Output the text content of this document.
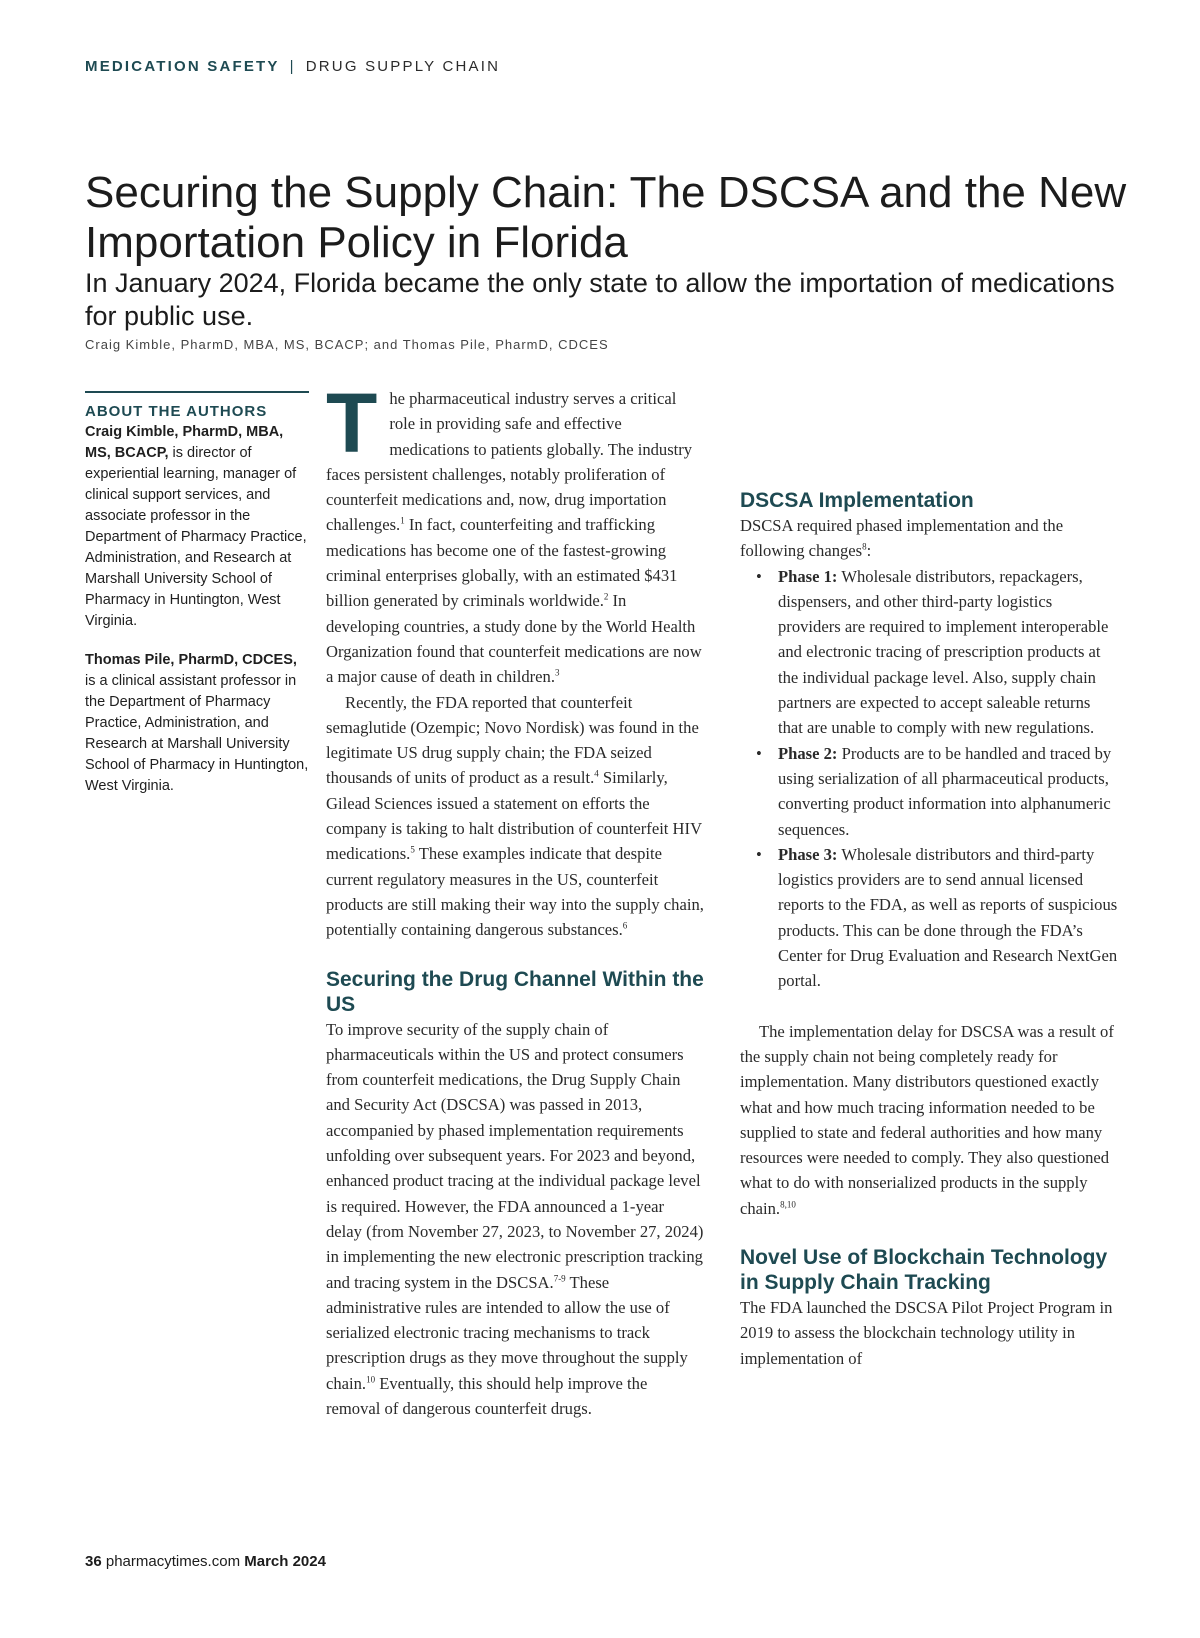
MEDICATION SAFETY | DRUG SUPPLY CHAIN
Securing the Supply Chain: The DSCSA and the New Importation Policy in Florida
In January 2024, Florida became the only state to allow the importation of medications for public use.
Craig Kimble, PharmD, MBA, MS, BCACP; and Thomas Pile, PharmD, CDCES
ABOUT THE AUTHORS

Craig Kimble, PharmD, MBA, MS, BCACP, is director of experiential learning, manager of clinical support services, and associate professor in the Department of Pharmacy Practice, Administration, and Research at Marshall University School of Pharmacy in Huntington, West Virginia.

Thomas Pile, PharmD, CDCES, is a clinical assistant professor in the Department of Pharmacy Practice, Administration, and Research at Marshall University School of Pharmacy in Huntington, West Virginia.

The pharmaceutical industry serves a critical role in providing safe and effective medications to patients globally. The industry faces persistent challenges, notably proliferation of counterfeit medications and, now, drug importation challenges.$^1$ In fact, counterfeiting and trafficking medications has become one of the fastest-growing criminal enterprises globally, with an estimated $431 billion generated by criminals worldwide.$^2$ In developing countries, a study done by the World Health Organization found that counterfeit medications are now a major cause of death in children.$^3$

Recently, the FDA reported that counterfeit semaglutide (Ozempic; Novo Nordisk) was found in the legitimate US drug supply chain; the FDA seized thousands of units of product as a result.$^4$ Similarly, Gilead Sciences issued a statement on efforts the company is taking to halt distribution of counterfeit HIV medications.$^5$ These examples indicate that despite current regulatory measures in the US, counterfeit products are still making their way into the supply chain, potentially containing dangerous substances.$^6$

Securing the Drug Channel Within the US

To improve security of the supply chain of pharmaceuticals within the US and protect consumers from counterfeit medications, the Drug Supply Chain and Security Act (DSCSA) was passed in 2013, accompanied by phased implementation requirements unfolding over subsequent years. For 2023 and beyond, enhanced product tracing at the individual package level is required. However, the FDA announced a 1-year delay (from November 27, 2023, to November 27, 2024) in implementing the new electronic prescription tracking and tracing system in the DSCSA.$^{7-9}$ These administrative rules are intended to allow the use of serialized electronic tracing mechanisms to track prescription drugs as they move throughout the supply chain.$^{10}$ Eventually, this should help improve the removal of dangerous counterfeit drugs.

DSCSA Implementation

DSCSA required phased implementation and the following changes$^8$:

• Phase 1: Wholesale distributors, repackagers, dispensers, and other third-party logistics providers are required to implement interoperable and electronic tracing of prescription products at the individual package level. Also, supply chain partners are expected to accept saleable returns that are unable to comply with new regulations.
• Phase 2: Products are to be handled and traced by using serialization of all pharmaceutical products, converting product information into alphanumeric sequences.
• Phase 3: Wholesale distributors and third-party logistics providers are to send annual licensed reports to the FDA, as well as reports of suspicious products. This can be done through the FDA’s Center for Drug Evaluation and Research NextGen portal.

The implementation delay for DSCSA was a result of the supply chain not being completely ready for implementation. Many distributors questioned exactly what and how much tracing information needed to be supplied to state and federal authorities and how many resources were needed to comply. They also questioned what to do with nonserialized products in the supply chain.$^{8,10}$

Novel Use of Blockchain Technology in Supply Chain Tracking

The FDA launched the DSCSA Pilot Project Program in 2019 to assess the blockchain technology utility in implementation of

36 pharmacytimes.com March 2024
